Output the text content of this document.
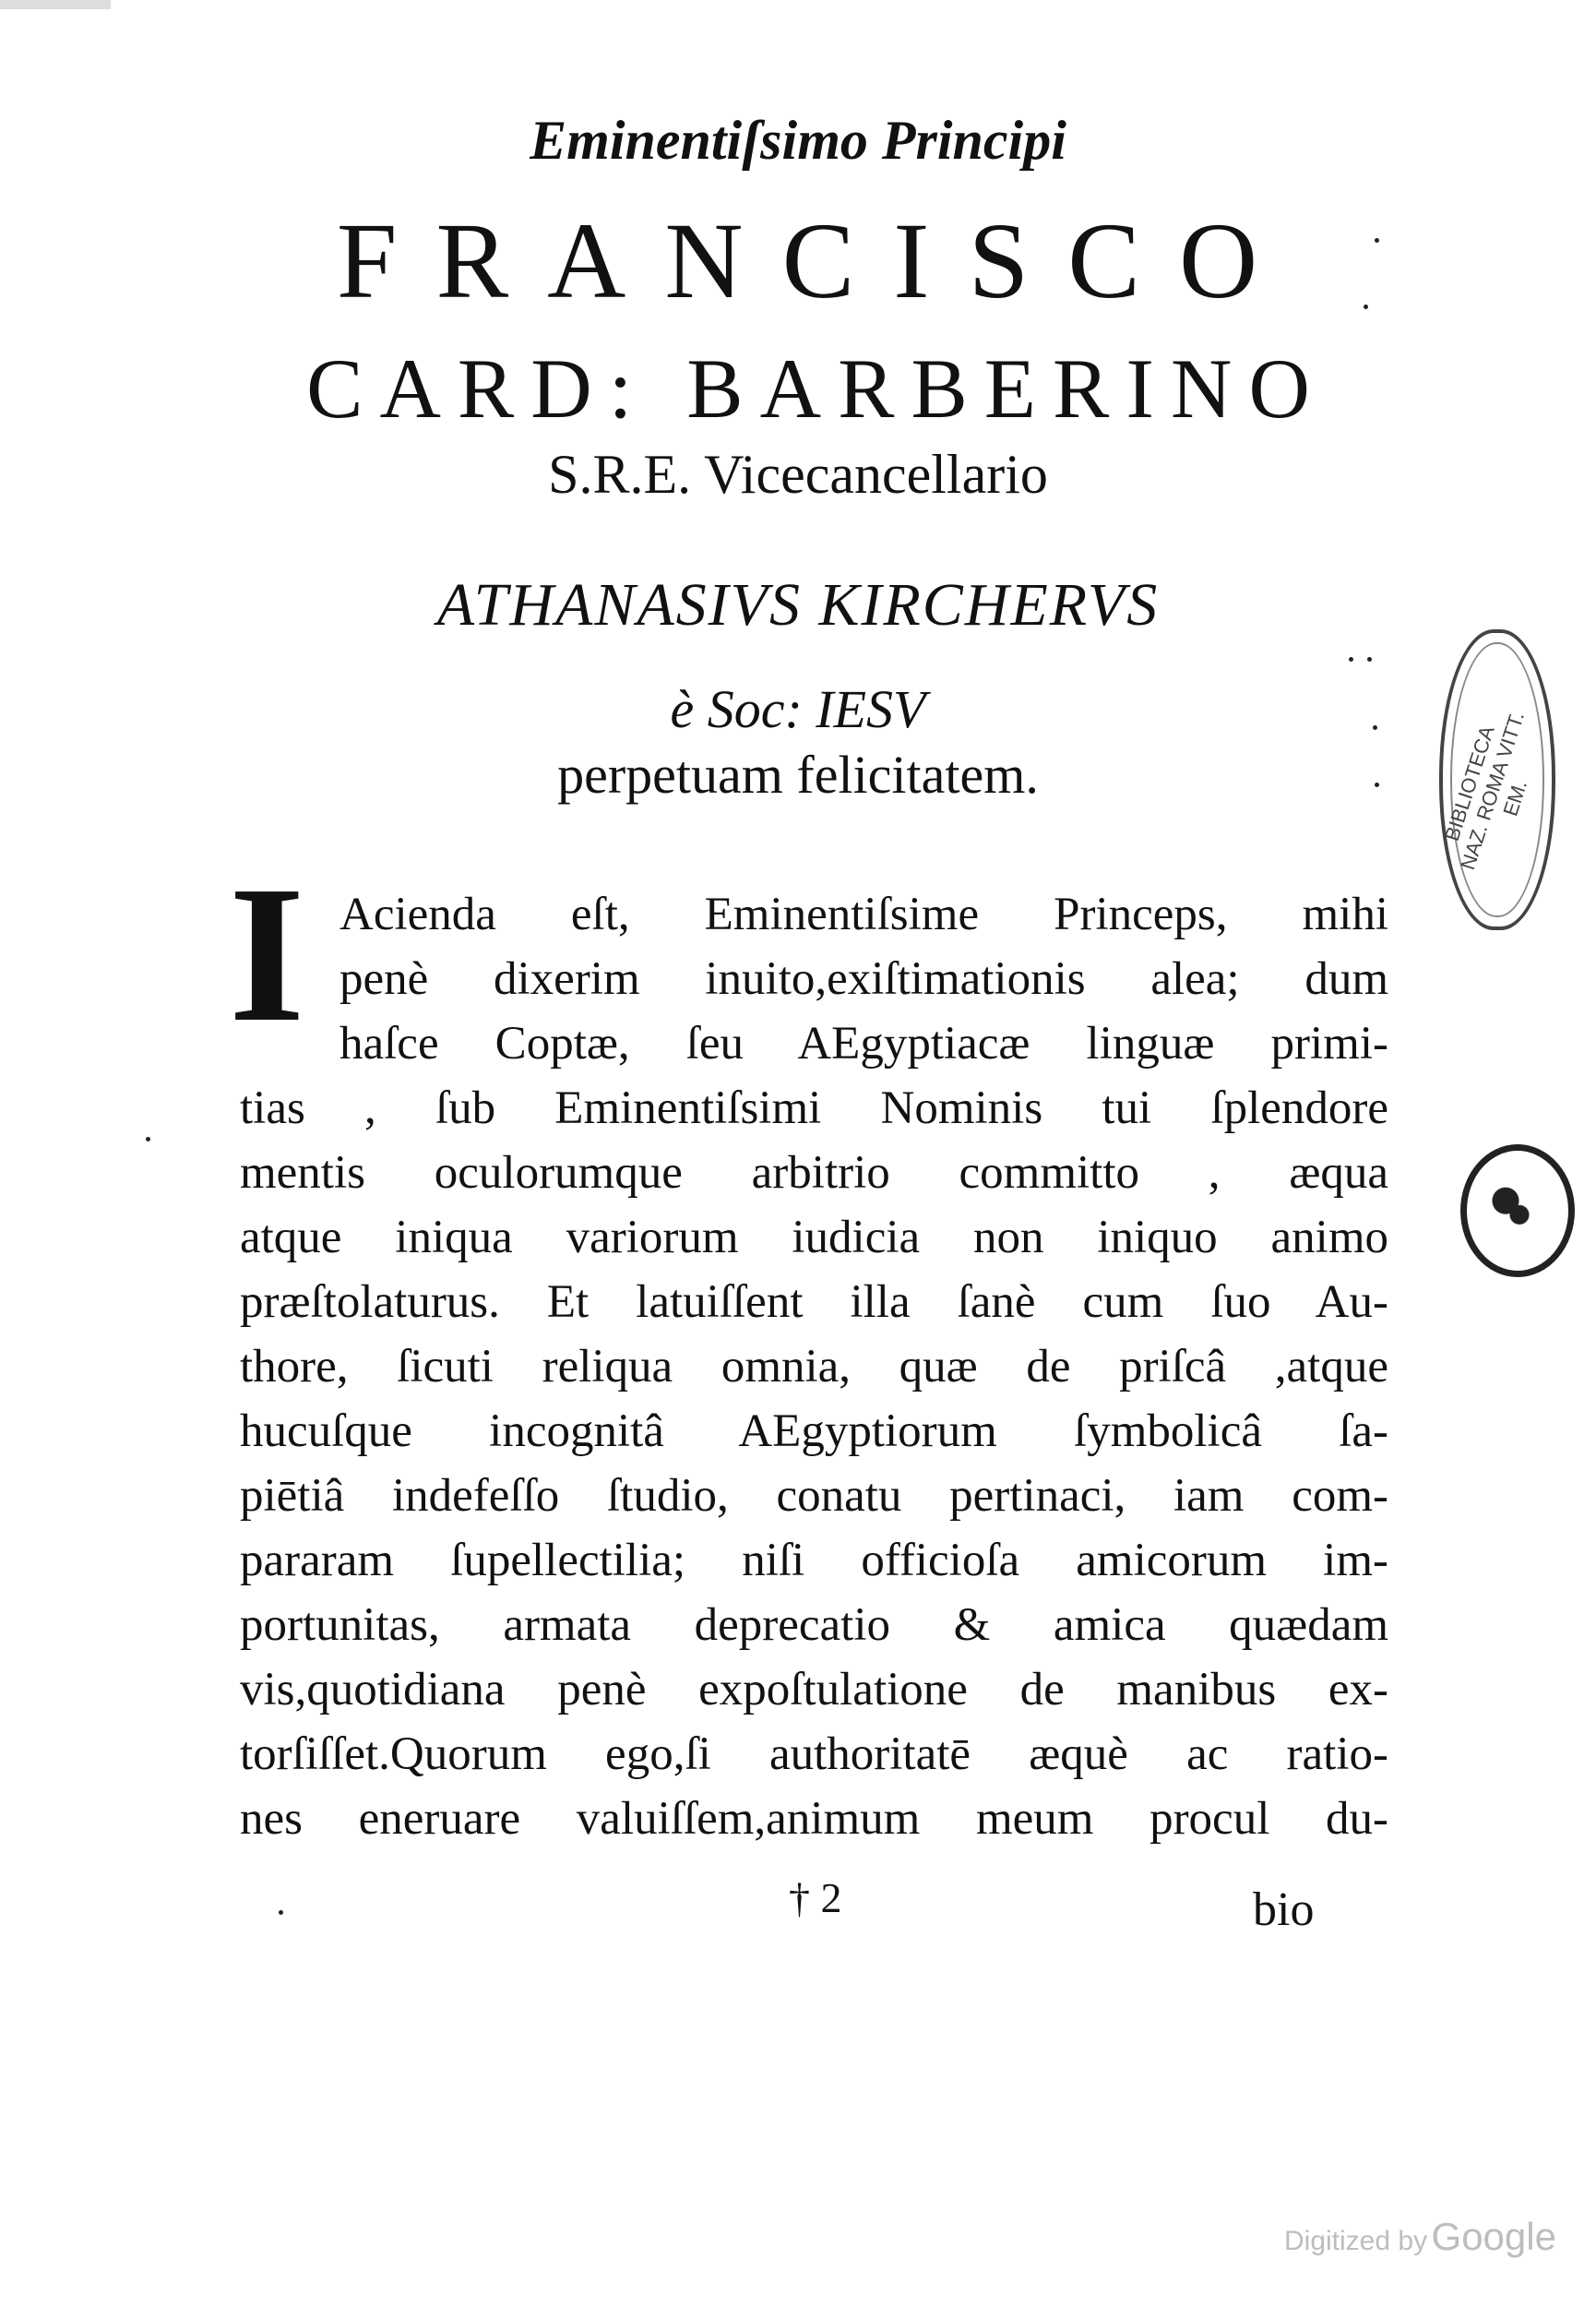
Eminentiſsimo Principi
FRANCISCO
CARD: BARBERINO
S.R.E. Vicecancellario
ATHANASIVS KIRCHERVS
è Soc: IESV
perpetuam felicitatem.
I Acienda eſt, Eminentiſsime Princeps, mihi
penè dixerim inuito,exiſtimationis alea; dum
haſce Coptæ, ſeu AEgyptiacæ linguæ primi-
tias , ſub Eminentiſsimi Nominis tui ſplendore
mentis oculorumque arbitrio committo , æqua
atque iniqua variorum iudicia non iniquo animo
præſtolaturus. Et latuiſſent illa ſanè cum ſuo Au-
thore, ſicuti reliqua omnia, quæ de priſcâ ,atque
hucuſque incognitâ AEgyptiorum ſymbolicâ ſa-
piētiâ indefeſſo ſtudio, conatu pertinaci, iam com-
pararam ſupellectilia; niſi officioſa amicorum im-
portunitas, armata deprecatio & amica quædam
vis,quotidiana penè expoſtulatione de manibus ex-
torſiſſet.Quorum ego,ſi authoritatē æquè ac ratio-
nes eneruare valuiſſem,animum meum procul du-
† 2	bio
BIBLIOTECA NAZ. ROMA VITT. EM.
Digitized by Google
